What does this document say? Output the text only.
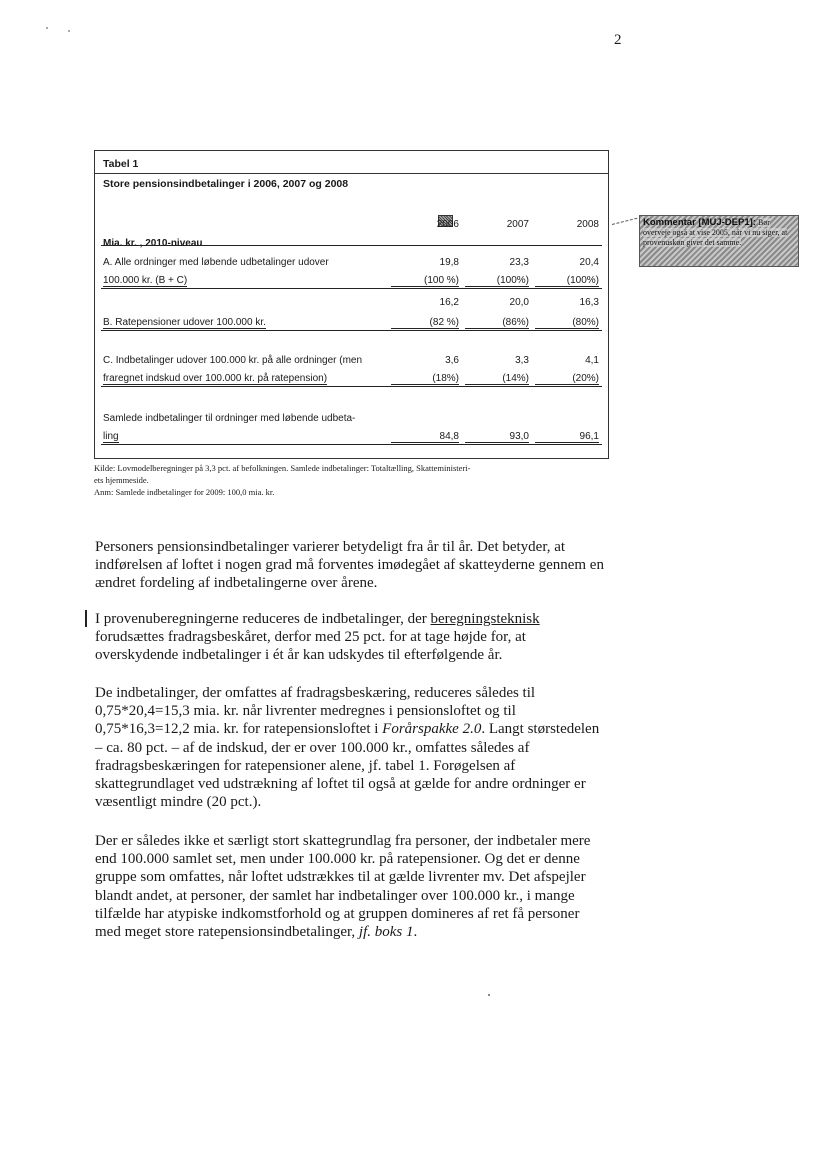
2
Tabel 1
Store pensionsindbetalinger i 2006, 2007 og 2008
2006	2007	2008
Mia. kr. , 2010-niveau
A. Alle ordninger med løbende udbetalinger udover
100.000 kr. (B + C)
19,8	23,3	20,4
(100 %)	(100%)	(100%)
16,2	20,0	16,3
B. Ratepensioner udover 100.000 kr.	(82 %)	(86%)	(80%)
C. Indbetalinger udover 100.000 kr. på alle ordninger (men
fraregnet indskud over 100.000 kr. på ratepension)
3,6	3,3	4,1
(18%)	(14%)	(20%)
Samlede indbetalinger til ordninger med løbende udbeta-
ling	84,8	93,0	96,1
Kilde: Lovmodelberegninger på 3,3 pct. af befolkningen. Samlede indbetalinger: Totaltælling, Skatteministeri-
ets hjemmeside.
Anm: Samlede indbetalinger for 2009: 100,0 mia. kr.
Kommentar [MUJ-DEP1]: Bør overveje også at vise 2005, når vi nu siger, at provenuskøn giver det samme.

Personers pensionsindbetalinger varierer betydeligt fra år til år. Det betyder, at indførelsen af loftet i nogen grad må forventes imødegået af skatteyderne gennem en ændret fordeling af indbetalingerne over årene.

I provenuberegningerne reduceres de indbetalinger, der beregningsteknisk forudsættes fradragsbeskåret, derfor med 25 pct. for at tage højde for, at overskydende indbetalinger i ét år kan udskydes til efterfølgende år.

De indbetalinger, der omfattes af fradragsbeskæring, reduceres således til 0,75*20,4=15,3 mia. kr. når livrenter medregnes i pensionsloftet og til 0,75*16,3=12,2 mia. kr. for ratepensionsloftet i Forårspakke 2.0. Langt størstedelen – ca. 80 pct. – af de indskud, der er over 100.000 kr., omfattes således af fradragsbeskæringen for ratepensioner alene, jf. tabel 1. Forøgelsen af skattegrundlaget ved udstrækning af loftet til også at gælde for andre ordninger er væsentligt mindre (20 pct.).

Der er således ikke et særligt stort skattegrundlag fra personer, der indbetaler mere end 100.000 samlet set, men under 100.000 kr. på ratepensioner. Og det er denne gruppe som omfattes, når loftet udstrækkes til at gælde livrenter mv. Det afspejler blandt andet, at personer, der samlet har indbetalinger over 100.000 kr., i mange tilfælde har atypiske indkomstforhold og at gruppen domineres af ret få personer med meget store ratepensionsindbetalinger, jf. boks 1.
